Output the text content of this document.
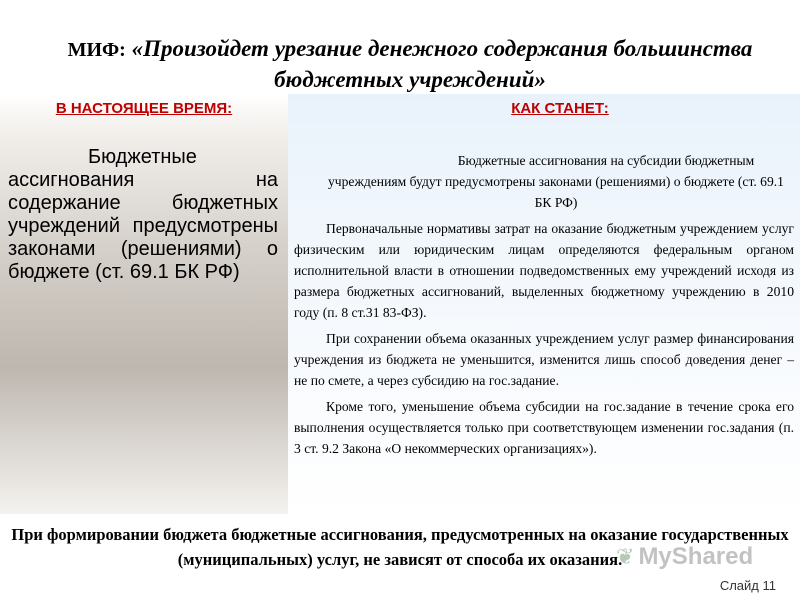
МИФ: «Произойдет урезание денежного содержания большинства бюджетных учреждений»
В НАСТОЯЩЕЕ ВРЕМЯ:
Бюджетные ассигнования на содержание бюджетных учреждений предусмотрены законами (решениями) о бюджете (ст. 69.1 БК РФ)
КАК СТАНЕТ:

Бюджетные ассигнования на субсидии бюджетным учреждениям будут предусмотрены законами (решениями) о бюджете (ст. 69.1 БК РФ)

Первоначальные нормативы затрат на оказание бюджетным учреждением услуг физическим или юридическим лицам определяются федеральным органом исполнительной власти в отношении подведомственных ему учреждений исходя из размера бюджетных ассигнований, выделенных бюджетному учреждению в 2010 году (п. 8 ст.31 83-ФЗ).

При сохранении объема оказанных учреждением услуг размер финансирования учреждения из бюджета не уменьшится, изменится лишь способ доведения денег – не по смете, а через субсидию на гос.задание.

Кроме того, уменьшение объема субсидии на гос.задание в течение срока его выполнения осуществляется только при соответствующем изменении гос.задания (п. 3 ст. 9.2 Закона «О некоммерческих организациях»).

При формировании бюджета бюджетные ассигнования, предусмотренных на оказание государственных (муниципальных) услуг, не зависят от способа их оказания.
❦ MyShared
Слайд 11
